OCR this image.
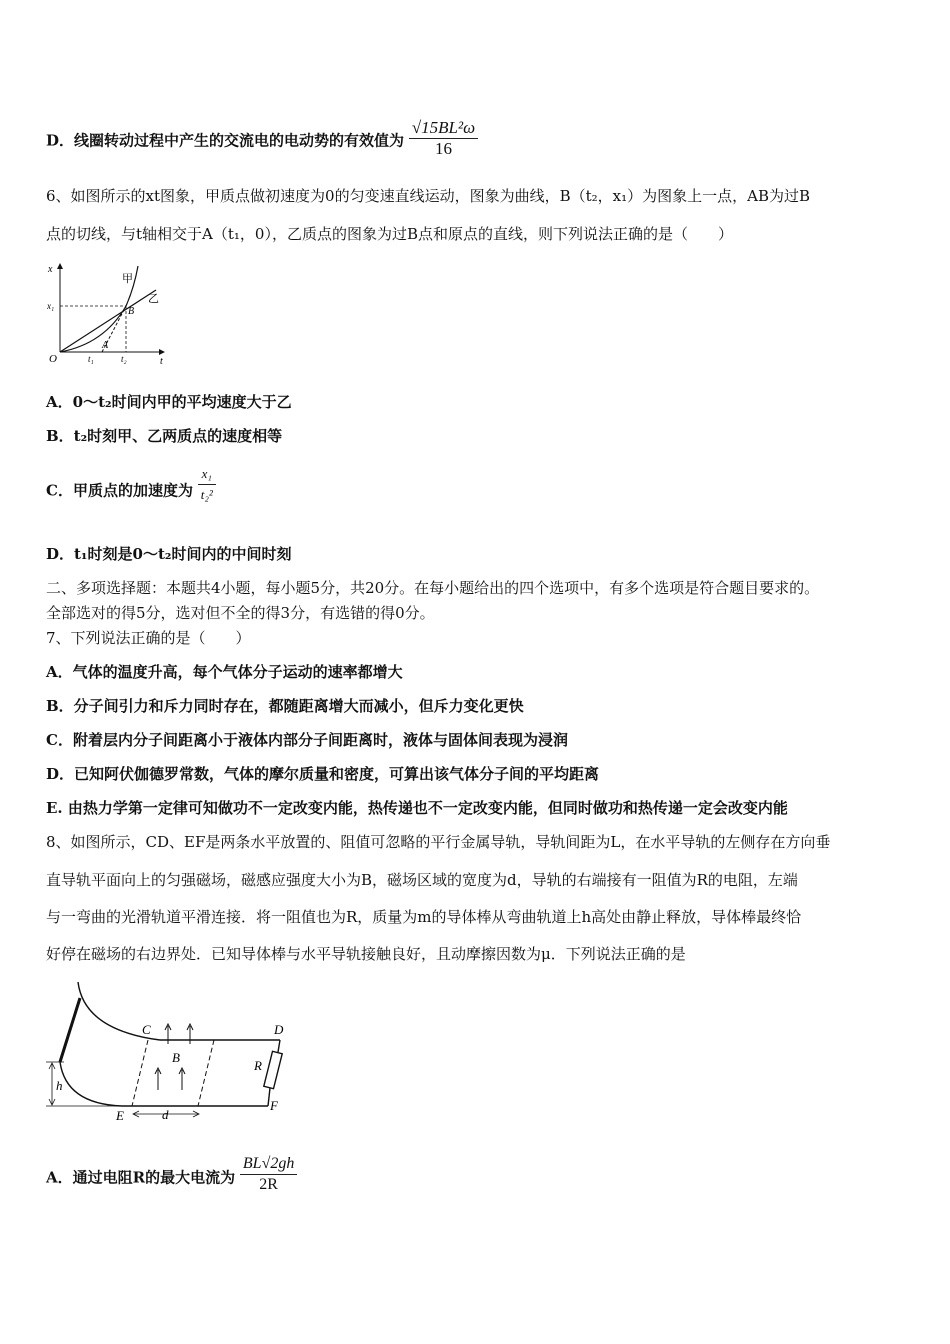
D．线圈转动过程中产生的交流电的电动势的有效值为 $\frac{\text{√15BL²ω}}{16}$
6、如图所示的xt图象，甲质点做初速度为0的匀变速直线运动，图象为曲线，B（t₂，x₁）为图象上一点，AB为过B
点的切线，与t轴相交于A（t₁，0），乙质点的图象为过B点和原点的直线，则下列说法正确的是（　　）
x
t
O
x₁
t₁	t₂
甲
乙
B
A
A．0～t₂时间内甲的平均速度大于乙
B．t₂时刻甲、乙两质点的速度相等
C．甲质点的加速度为 $\frac{\text{x₁}}{\text{t₂²}}$
D．t₁时刻是0～t₂时间内的中间时刻
二、多项选择题：本题共4小题，每小题5分，共20分。在每小题给出的四个选项中，有多个选项是符合题目要求的。
全部选对的得5分，选对但不全的得3分，有选错的得0分。
7、下列说法正确的是（　　）
A．气体的温度升高，每个气体分子运动的速率都增大
B．分子间引力和斥力同时存在，都随距离增大而减小，但斥力变化更快
C．附着层内分子间距离小于液体内部分子间距离时，液体与固体间表现为浸润
D．已知阿伏伽德罗常数，气体的摩尔质量和密度，可算出该气体分子间的平均距离
E. 由热力学第一定律可知做功不一定改变内能，热传递也不一定改变内能，但同时做功和热传递一定会改变内能
8、如图所示，CD、EF是两条水平放置的、阻值可忽略的平行金属导轨，导轨间距为L，在水平导轨的左侧存在方向垂
直导轨平面向上的匀强磁场，磁感应强度大小为B，磁场区域的宽度为d，导轨的右端接有一阻值为R的电阻，左端
与一弯曲的光滑轨道平滑连接．将一阻值也为R，质量为m的导体棒从弯曲轨道上h高处由静止释放，导体棒最终恰
好停在磁场的右边界处．已知导体棒与水平导轨接触良好，且动摩擦因数为μ．下列说法正确的是
C	D
E
F
B
R
h
d
A．通过电阻R的最大电流为 $\frac{BL√2gh}{2R}$
